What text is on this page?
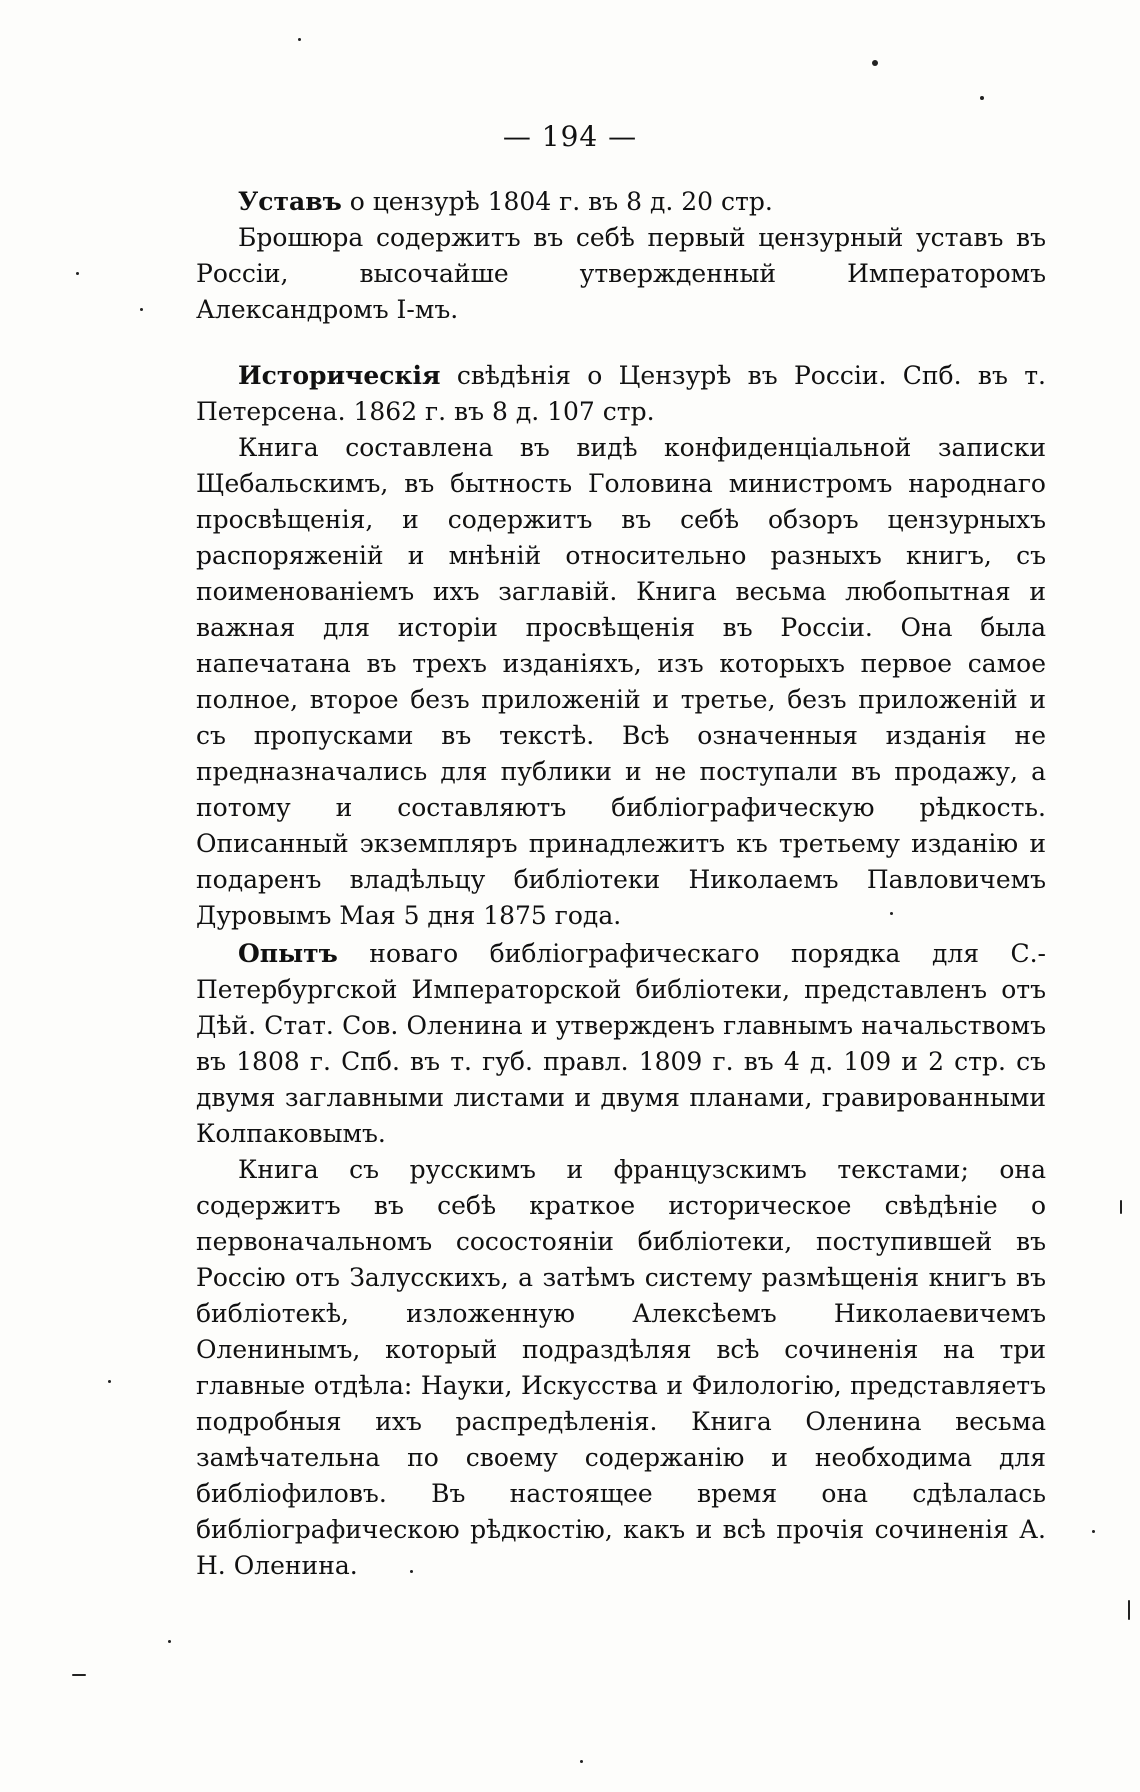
— 194 —

Уставъ о цензурѣ 1804 г. въ 8 д. 20 стр.

Брошюра содержитъ въ себѣ первый цензурный уставъ въ Россіи, высочайше утвержденный Императоромъ Александромъ І-мъ.

Историческія свѣдѣнія о Цензурѣ въ Россіи. Спб. въ т. Петерсена. 1862 г. въ 8 д. 107 стр.

Книга составлена въ видѣ конфиденціальной записки Щебальскимъ, въ бытность Головина министромъ народнаго просвѣщенія, и содержитъ въ себѣ обзоръ цензурныхъ распоряженій и мнѣній относительно разныхъ книгъ, съ поименованіемъ ихъ заглавій. Книга весьма любопытная и важная для исторіи просвѣщенія въ Россіи. Она была напечатана въ трехъ изданіяхъ, изъ которыхъ первое самое полное, второе безъ приложеній и третье, безъ приложеній и съ пропусками въ текстѣ. Всѣ означенныя изданія не предназначались для публики и не поступали въ продажу, а потому и составляютъ библіографическую рѣдкость. Описанный экземпляръ принадлежитъ къ третьему изданію и подаренъ владѣльцу библіотеки Николаемъ Павловичемъ Дуровымъ Мая 5 дня 1875 года.

Опытъ новаго библіографическаго порядка для С.-Петербургской Императорской библіотеки, представленъ отъ Дѣй. Стат. Сов. Оленина и утвержденъ главнымъ начальствомъ въ 1808 г. Спб. въ т. губ. правл. 1809 г. въ 4 д. 109 и 2 стр. съ двумя заглавными листами и двумя планами, гравированными Колпаковымъ.

Книга съ русскимъ и французскимъ текстами; она содержитъ въ себѣ краткое историческое свѣдѣніе о первоначальномъ сосостояніи библіотеки, поступившей въ Россію отъ Залусскихъ, а затѣмъ систему размѣщенія книгъ въ библіотекѣ, изложенную Алексѣемъ Николаевичемъ Оленинымъ, который подраздѣляя всѣ сочиненія на три главные отдѣла: Науки, Искусства и Филологію, представляетъ подробныя ихъ распредѣленія. Книга Оленина весьма замѣчательна по своему содержанію и необходима для библіофиловъ. Въ настоящее время она сдѣлалась библіографическою рѣдкостію, какъ и всѣ прочія сочиненія А. Н. Оленина.
